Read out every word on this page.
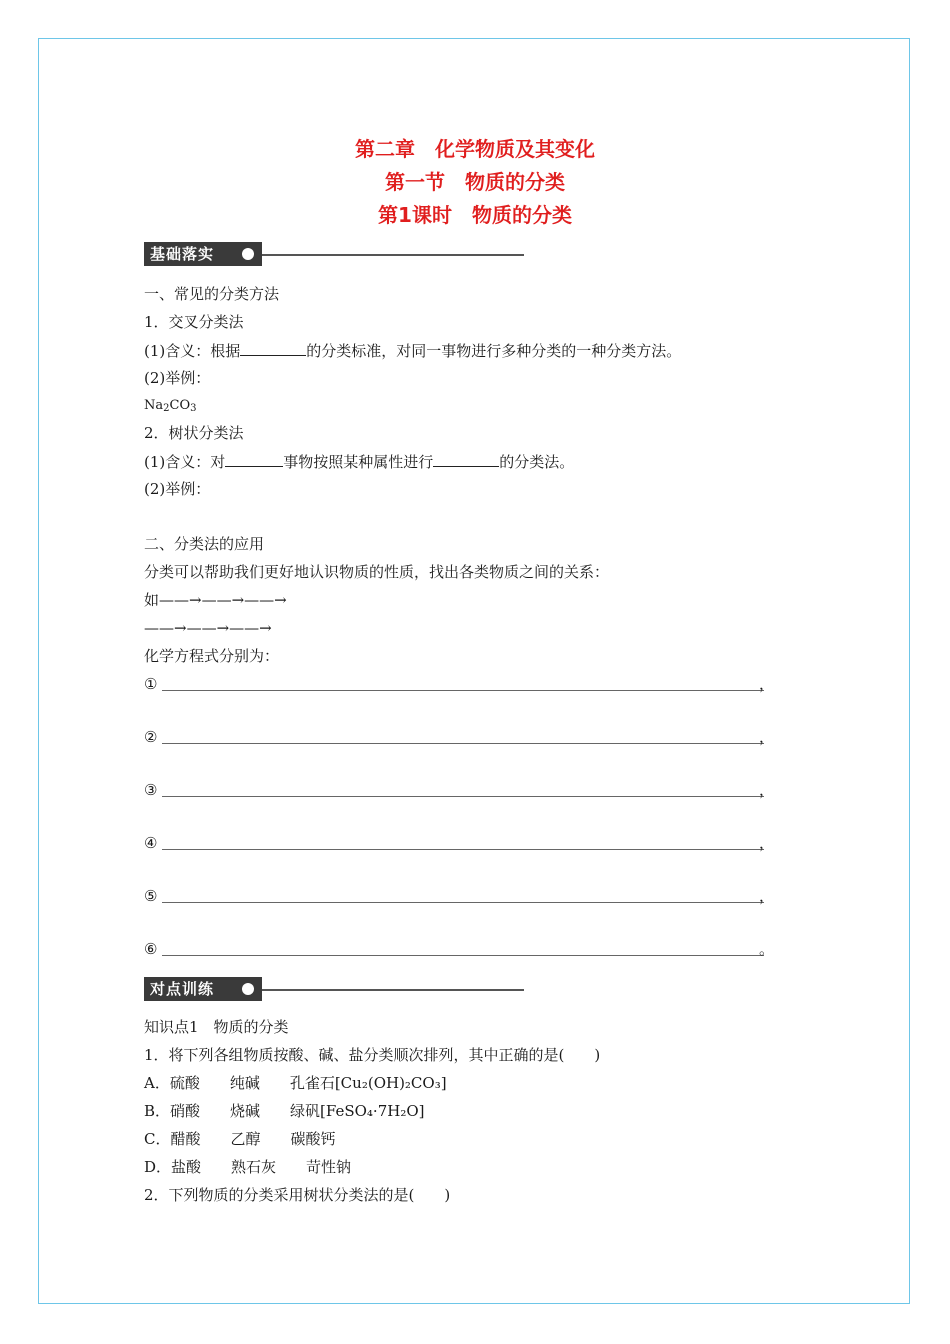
第二章　化学物质及其变化
第一节　物质的分类
第1课时　物质的分类
基础落实
一、常见的分类方法
1．交叉分类法
(1)含义：根据	的分类标准，对同一事物进行多种分类的一种分类方法。
(2)举例：
$Na_2CO_3$
2．树状分类法
(1)含义：对	事物按照某种属性进行	的分类法。
(2)举例：
二、分类法的应用
分类可以帮助我们更好地认识物质的性质，找出各类物质之间的关系：
如——→——→——→
——→——→——→
化学方程式分别为：
①	，
②	，
③	，
④	，
⑤	，
⑥	。
对点训练
知识点1　物质的分类
1．将下列各组物质按酸、碱、盐分类顺次排列，其中正确的是(　　)
A．硫酸　　纯碱　　孔雀石[Cu₂(OH)₂CO₃]
B．硝酸　　烧碱　　绿矾[FeSO₄·7H₂O]
C．醋酸　　乙醇　　碳酸钙
D．盐酸　　熟石灰　　苛性钠
2．下列物质的分类采用树状分类法的是(　　)
